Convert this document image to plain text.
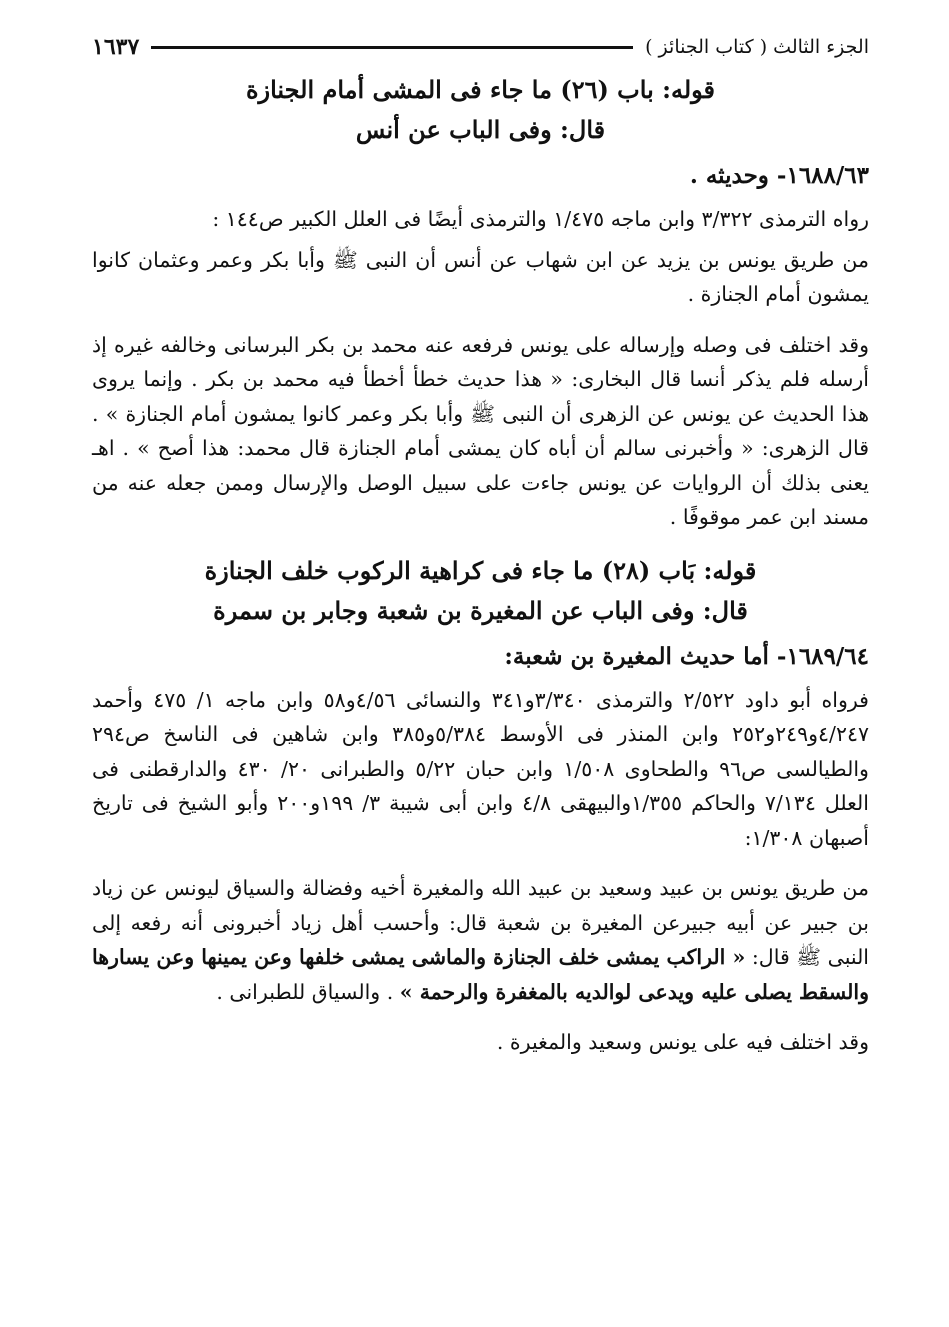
الجزء الثالث ( كتاب الجنائز )
١٦٣٧
قوله: باب (٢٦) ما جاء فى المشى أمام الجنازة
قال: وفى الباب عن أنس
١٦٨٨/٦٣- وحديثه .

رواه الترمذى ٣/٣٢٢ وابن ماجه ١/٤٧٥ والترمذى أيضًا فى العلل الكبير ص١٤٤ :

من طريق يونس بن يزيد عن ابن شهاب عن أنس أن النبى ﷺ وأبا بكر وعمر وعثمان كانوا يمشون أمام الجنازة .

وقد اختلف فى وصله وإرساله على يونس فرفعه عنه محمد بن بكر البرسانى وخالفه غيره إذ أرسله فلم يذكر أنسا قال البخارى: « هذا حديث خطأ أخطأ فيه محمد بن بكر . وإنما يروى هذا الحديث عن يونس عن الزهرى أن النبى ﷺ وأبا بكر وعمر كانوا يمشون أمام الجنازة » . قال الزهرى: « وأخبرنى سالم أن أباه كان يمشى أمام الجنازة قال محمد: هذا أصح » . اهـ يعنى بذلك أن الروايات عن يونس جاءت على سبيل الوصل والإرسال وممن جعله عنه من مسند ابن عمر موقوفًا .

قوله: بَاب (٢٨) ما جاء فى كراهية الركوب خلف الجنازة
قال: وفى الباب عن المغيرة بن شعبة وجابر بن سمرة
١٦٨٩/٦٤- أما حديث المغيرة بن شعبة:

فرواه أبو داود ٢/٥٢٢ والترمذى ٣/٣٤٠و٣٤١ والنسائى ٤/٥٦و٥٨ وابن ماجه ١/ ٤٧٥ وأحمد ٤/٢٤٧و٢٤٩و٢٥٢ وابن المنذر فى الأوسط ٥/٣٨٤و٣٨٥ وابن شاهين فى الناسخ ص٢٩٤ والطيالسى ص٩٦ والطحاوى ١/٥٠٨ وابن حبان ٥/٢٢ والطبرانى ٢٠/ ٤٣٠ والدارقطنى فى العلل ٧/١٣٤ والحاكم ١/٣٥٥والبيهقى ٤/٨ وابن أبى شيبة ٣/ ١٩٩و٢٠٠ وأبو الشيخ فى تاريخ أصبهان ١/٣٠٨:

من طريق يونس بن عبيد وسعيد بن عبيد الله والمغيرة أخيه وفضالة والسياق ليونس عن زياد بن جبير عن أبيه جبيرعن المغيرة بن شعبة قال: وأحسب أهل زياد أخبرونى أنه رفعه إلى النبى ﷺ قال: « الراكب يمشى خلف الجنازة والماشى يمشى خلفها وعن يمينها وعن يسارها والسقط يصلى عليه ويدعى لوالديه بالمغفرة والرحمة » . والسياق للطبرانى .

وقد اختلف فيه على يونس وسعيد والمغيرة .
